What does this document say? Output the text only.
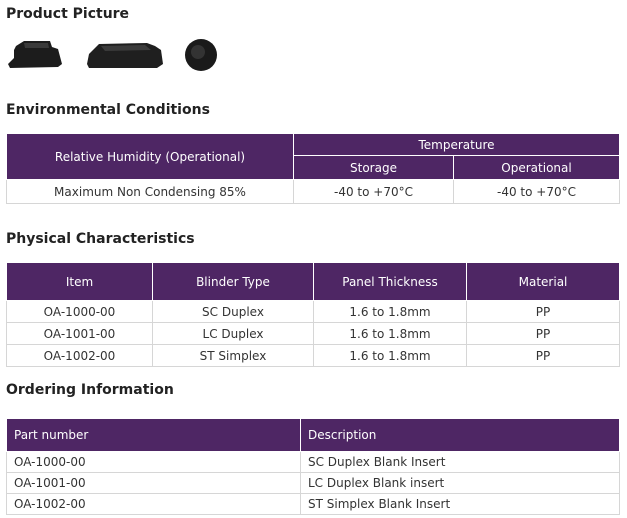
Product Picture
Environmental Conditions
Relative Humidity (Operational)	Temperature	
	Storage	Operational
Maximum Non Condensing 85%	-40 to +70°C	-40 to +70°C
Physical Characteristics
Item	Blinder Type	Panel Thickness	Material
OA-1000-00	SC Duplex	1.6 to 1.8mm	PP
OA-1001-00	LC Duplex	1.6 to 1.8mm	PP
OA-1002-00	ST Simplex	1.6 to 1.8mm	PP
Ordering Information
Part number	Description
OA-1000-00	SC Duplex Blank Insert
OA-1001-00	LC Duplex Blank insert
OA-1002-00	ST Simplex Blank Insert
